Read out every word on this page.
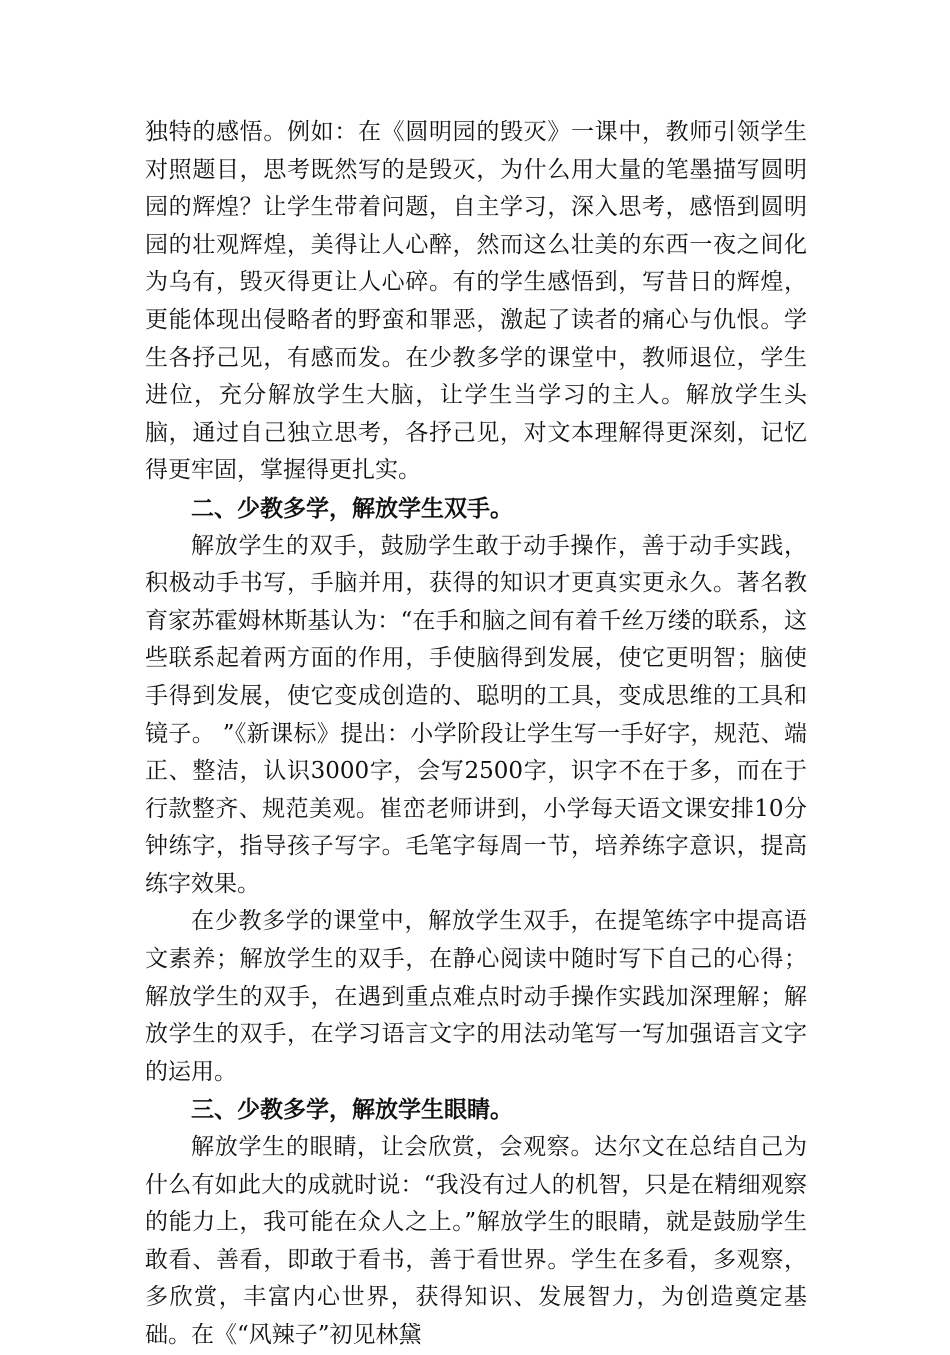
独特的感悟。例如：在《圆明园的毁灭》一课中，教师引领学生对照题目，思考既然写的是毁灭，为什么用大量的笔墨描写圆明园的辉煌？让学生带着问题，自主学习，深入思考，感悟到圆明园的壮观辉煌，美得让人心醉，然而这么壮美的东西一夜之间化为乌有，毁灭得更让人心碎。有的学生感悟到，写昔日的辉煌，更能体现出侵略者的野蛮和罪恶，激起了读者的痛心与仇恨。学生各抒己见，有感而发。在少教多学的课堂中，教师退位，学生进位，充分解放学生大脑，让学生当学习的主人。解放学生头脑，通过自己独立思考，各抒己见，对文本理解得更深刻，记忆得更牢固，掌握得更扎实。

二、少教多学，解放学生双手。

解放学生的双手，鼓励学生敢于动手操作，善于动手实践，积极动手书写，手脑并用，获得的知识才更真实更永久。著名教育家苏霍姆林斯基认为：“在手和脑之间有着千丝万缕的联系，这些联系起着两方面的作用，手使脑得到发展，使它更明智；脑使手得到发展，使它变成创造的、聪明的工具，变成思维的工具和镜子。 ”《新课标》提出：小学阶段让学生写一手好字，规范、端正、整洁，认识3000字，会写2500字，识字不在于多，而在于行款整齐、规范美观。崔峦老师讲到，小学每天语文课安排10分钟练字，指导孩子写字。毛笔字每周一节，培养练字意识，提高练字效果。

在少教多学的课堂中，解放学生双手，在提笔练字中提高语文素养；解放学生的双手，在静心阅读中随时写下自己的心得；解放学生的双手，在遇到重点难点时动手操作实践加深理解；解放学生的双手，在学习语言文字的用法动笔写一写加强语言文字的运用。

三、少教多学，解放学生眼睛。

解放学生的眼睛，让会欣赏，会观察。达尔文在总结自己为什么有如此大的成就时说：“我没有过人的机智，只是在精细观察的能力上，我可能在众人之上。”解放学生的眼睛，就是鼓励学生敢看、善看，即敢于看书，善于看世界。学生在多看，多观察，多欣赏，丰富内心世界，获得知识、发展智力，为创造奠定基础。在《“风辣子”初见林黛
